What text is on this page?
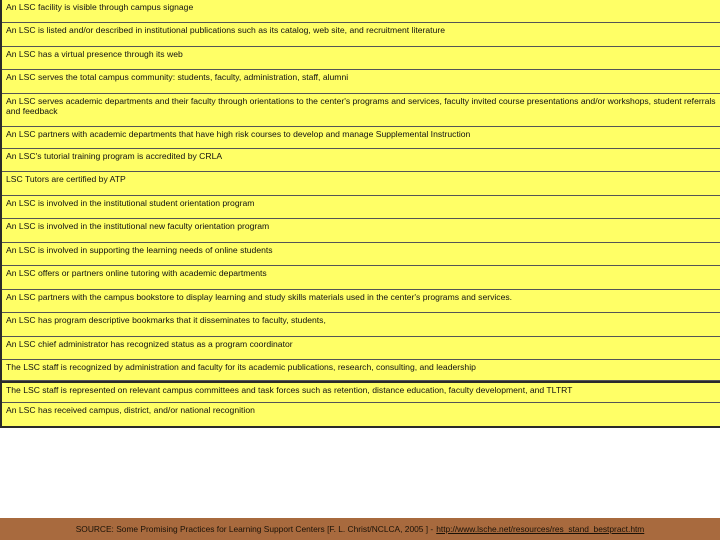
An LSC facility is visible through campus signage
An LSC is listed and/or described in institutional publications such as its catalog, web site, and recruitment literature
An LSC has a virtual presence through its web
An LSC serves the total campus community: students, faculty, administration, staff, alumni
An LSC serves academic departments and their faculty through orientations to the center's programs and services, faculty invited course presentations and/or workshops, student referrals and feedback
An LSC partners with academic departments that have high risk courses to develop and manage Supplemental Instruction
An LSC's tutorial training program is accredited by CRLA
LSC Tutors are certified by ATP
An LSC is involved in the institutional student orientation program
An LSC is involved in the institutional new faculty orientation program
An LSC is involved in supporting the learning needs of online students
An LSC offers or partners online tutoring with academic departments
An LSC partners with the campus bookstore to display learning and study skills materials used in the center's programs and services.
An LSC has program descriptive bookmarks that it disseminates to faculty, students,
An LSC chief administrator has recognized status as a program coordinator
The LSC staff is recognized by administration and faculty for its academic publications, research, consulting, and leadership
The LSC staff is represented on relevant campus committees and task forces such as retention, distance education, faculty development, and TLTRT
An LSC has received campus, district, and/or national recognition
SOURCE: Some Promising Practices for Learning Support Centers [F. L. Christ/NCLCA, 2005 ] - http://www.lsche.net/resources/res_stand_bestpract.htm
